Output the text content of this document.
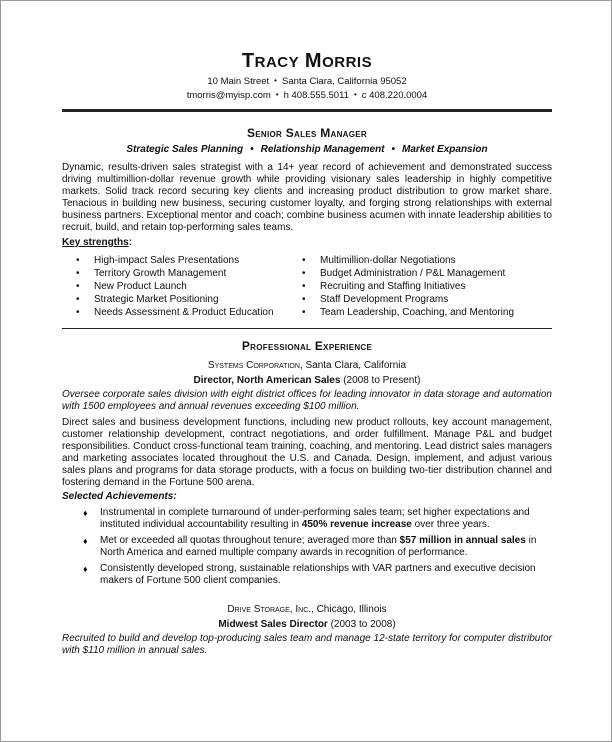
TRACY MORRIS
10 Main Street • Santa Clara, California 95052
tmorris@myisp.com • h 408.555.5011 • c 408.220.0004
Senior Sales Manager
Strategic Sales Planning • Relationship Management • Market Expansion
Dynamic, results-driven sales strategist with a 14+ year record of achievement and demonstrated success driving multimillion-dollar revenue growth while providing visionary sales leadership in highly competitive markets. Solid track record securing key clients and increasing product distribution to grow market share. Tenacious in building new business, securing customer loyalty, and forging strong relationships with external business partners. Exceptional mentor and coach; combine business acumen with innate leadership abilities to recruit, build, and retain top-performing sales teams.
Key strengths:
• High-impact Sales Presentations
• Territory Growth Management
• New Product Launch
• Strategic Market Positioning
• Needs Assessment & Product Education
• Multimillion-dollar Negotiations
• Budget Administration / P&L Management
• Recruiting and Staffing Initiatives
• Staff Development Programs
• Team Leadership, Coaching, and Mentoring
Professional Experience
Systems Corporation, Santa Clara, California
Director, North American Sales (2008 to Present)
Oversee corporate sales division with eight district offices for leading innovator in data storage and automation with 1500 employees and annual revenues exceeding $100 million.
Direct sales and business development functions, including new product rollouts, key account management, customer relationship development, contract negotiations, and order fulfillment. Manage P&L and budget responsibilities. Conduct cross-functional team training, coaching, and mentoring. Lead district sales managers and marketing associates located throughout the U.S. and Canada. Design, implement, and adjust various sales plans and programs for data storage products, with a focus on building two-tier distribution channel and fostering demand in the Fortune 500 arena.
Selected Achievements:
♦ Instrumental in complete turnaround of under-performing sales team; set higher expectations and instituted individual accountability resulting in 450% revenue increase over three years.
♦ Met or exceeded all quotas throughout tenure; averaged more than $57 million in annual sales in North America and earned multiple company awards in recognition of performance.
♦ Consistently developed strong, sustainable relationships with VAR partners and executive decision makers of Fortune 500 client companies.
Drive Storage, Inc., Chicago, Illinois
Midwest Sales Director (2003 to 2008)
Recruited to build and develop top-producing sales team and manage 12-state territory for computer distributor with $110 million in annual sales.
